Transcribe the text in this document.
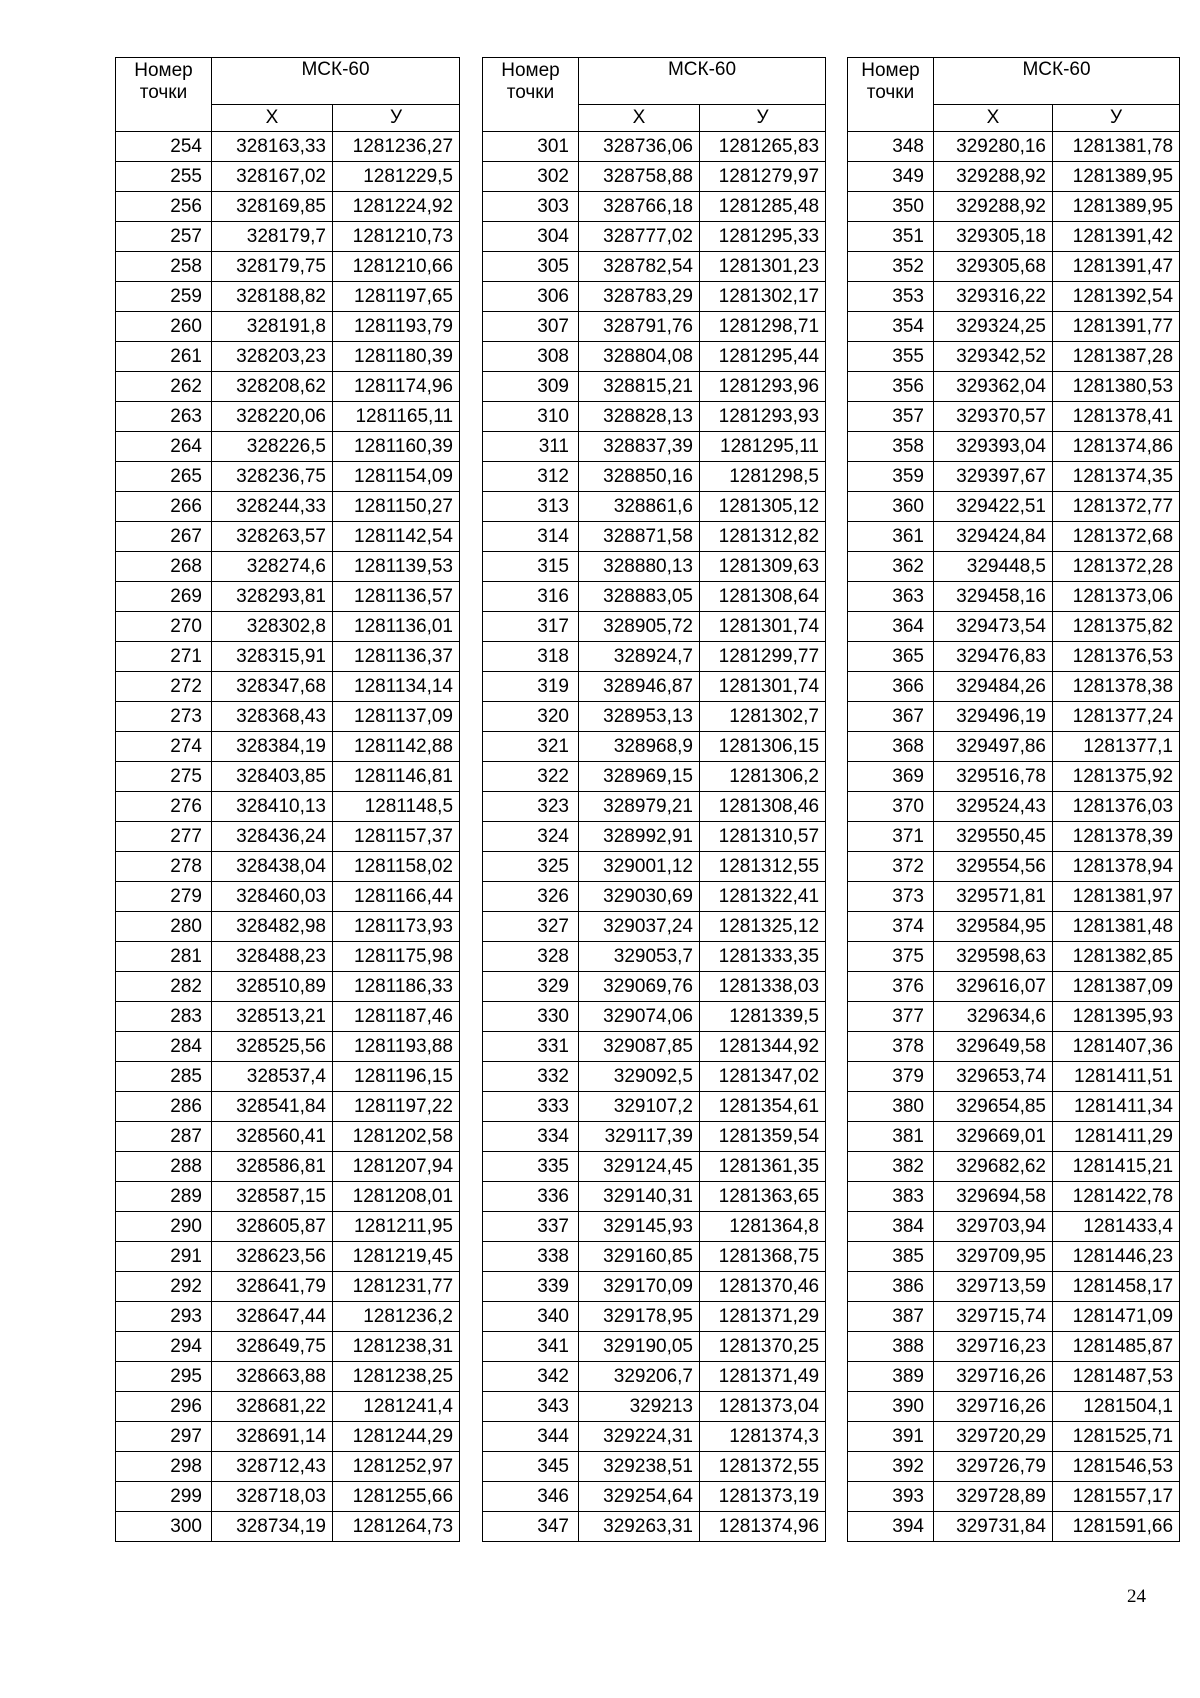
Номер точки	МСК-60	
	Х	У
254	328163,33	1281236,27
255	328167,02	1281229,5
256	328169,85	1281224,92
257	328179,7	1281210,73
258	328179,75	1281210,66
259	328188,82	1281197,65
260	328191,8	1281193,79
261	328203,23	1281180,39
262	328208,62	1281174,96
263	328220,06	1281165,11
264	328226,5	1281160,39
265	328236,75	1281154,09
266	328244,33	1281150,27
267	328263,57	1281142,54
268	328274,6	1281139,53
269	328293,81	1281136,57
270	328302,8	1281136,01
271	328315,91	1281136,37
272	328347,68	1281134,14
273	328368,43	1281137,09
274	328384,19	1281142,88
275	328403,85	1281146,81
276	328410,13	1281148,5
277	328436,24	1281157,37
278	328438,04	1281158,02
279	328460,03	1281166,44
280	328482,98	1281173,93
281	328488,23	1281175,98
282	328510,89	1281186,33
283	328513,21	1281187,46
284	328525,56	1281193,88
285	328537,4	1281196,15
286	328541,84	1281197,22
287	328560,41	1281202,58
288	328586,81	1281207,94
289	328587,15	1281208,01
290	328605,87	1281211,95
291	328623,56	1281219,45
292	328641,79	1281231,77
293	328647,44	1281236,2
294	328649,75	1281238,31
295	328663,88	1281238,25
296	328681,22	1281241,4
297	328691,14	1281244,29
298	328712,43	1281252,97
299	328718,03	1281255,66
300	328734,19	1281264,73
Номер точки	МСК-60	
	Х	У
301	328736,06	1281265,83
302	328758,88	1281279,97
303	328766,18	1281285,48
304	328777,02	1281295,33
305	328782,54	1281301,23
306	328783,29	1281302,17
307	328791,76	1281298,71
308	328804,08	1281295,44
309	328815,21	1281293,96
310	328828,13	1281293,93
311	328837,39	1281295,11
312	328850,16	1281298,5
313	328861,6	1281305,12
314	328871,58	1281312,82
315	328880,13	1281309,63
316	328883,05	1281308,64
317	328905,72	1281301,74
318	328924,7	1281299,77
319	328946,87	1281301,74
320	328953,13	1281302,7
321	328968,9	1281306,15
322	328969,15	1281306,2
323	328979,21	1281308,46
324	328992,91	1281310,57
325	329001,12	1281312,55
326	329030,69	1281322,41
327	329037,24	1281325,12
328	329053,7	1281333,35
329	329069,76	1281338,03
330	329074,06	1281339,5
331	329087,85	1281344,92
332	329092,5	1281347,02
333	329107,2	1281354,61
334	329117,39	1281359,54
335	329124,45	1281361,35
336	329140,31	1281363,65
337	329145,93	1281364,8
338	329160,85	1281368,75
339	329170,09	1281370,46
340	329178,95	1281371,29
341	329190,05	1281370,25
342	329206,7	1281371,49
343	329213	1281373,04
344	329224,31	1281374,3
345	329238,51	1281372,55
346	329254,64	1281373,19
347	329263,31	1281374,96
Номер точки	МСК-60	
	Х	У
348	329280,16	1281381,78
349	329288,92	1281389,95
350	329288,92	1281389,95
351	329305,18	1281391,42
352	329305,68	1281391,47
353	329316,22	1281392,54
354	329324,25	1281391,77
355	329342,52	1281387,28
356	329362,04	1281380,53
357	329370,57	1281378,41
358	329393,04	1281374,86
359	329397,67	1281374,35
360	329422,51	1281372,77
361	329424,84	1281372,68
362	329448,5	1281372,28
363	329458,16	1281373,06
364	329473,54	1281375,82
365	329476,83	1281376,53
366	329484,26	1281378,38
367	329496,19	1281377,24
368	329497,86	1281377,1
369	329516,78	1281375,92
370	329524,43	1281376,03
371	329550,45	1281378,39
372	329554,56	1281378,94
373	329571,81	1281381,97
374	329584,95	1281381,48
375	329598,63	1281382,85
376	329616,07	1281387,09
377	329634,6	1281395,93
378	329649,58	1281407,36
379	329653,74	1281411,51
380	329654,85	1281411,34
381	329669,01	1281411,29
382	329682,62	1281415,21
383	329694,58	1281422,78
384	329703,94	1281433,4
385	329709,95	1281446,23
386	329713,59	1281458,17
387	329715,74	1281471,09
388	329716,23	1281485,87
389	329716,26	1281487,53
390	329716,26	1281504,1
391	329720,29	1281525,71
392	329726,79	1281546,53
393	329728,89	1281557,17
394	329731,84	1281591,66
24
